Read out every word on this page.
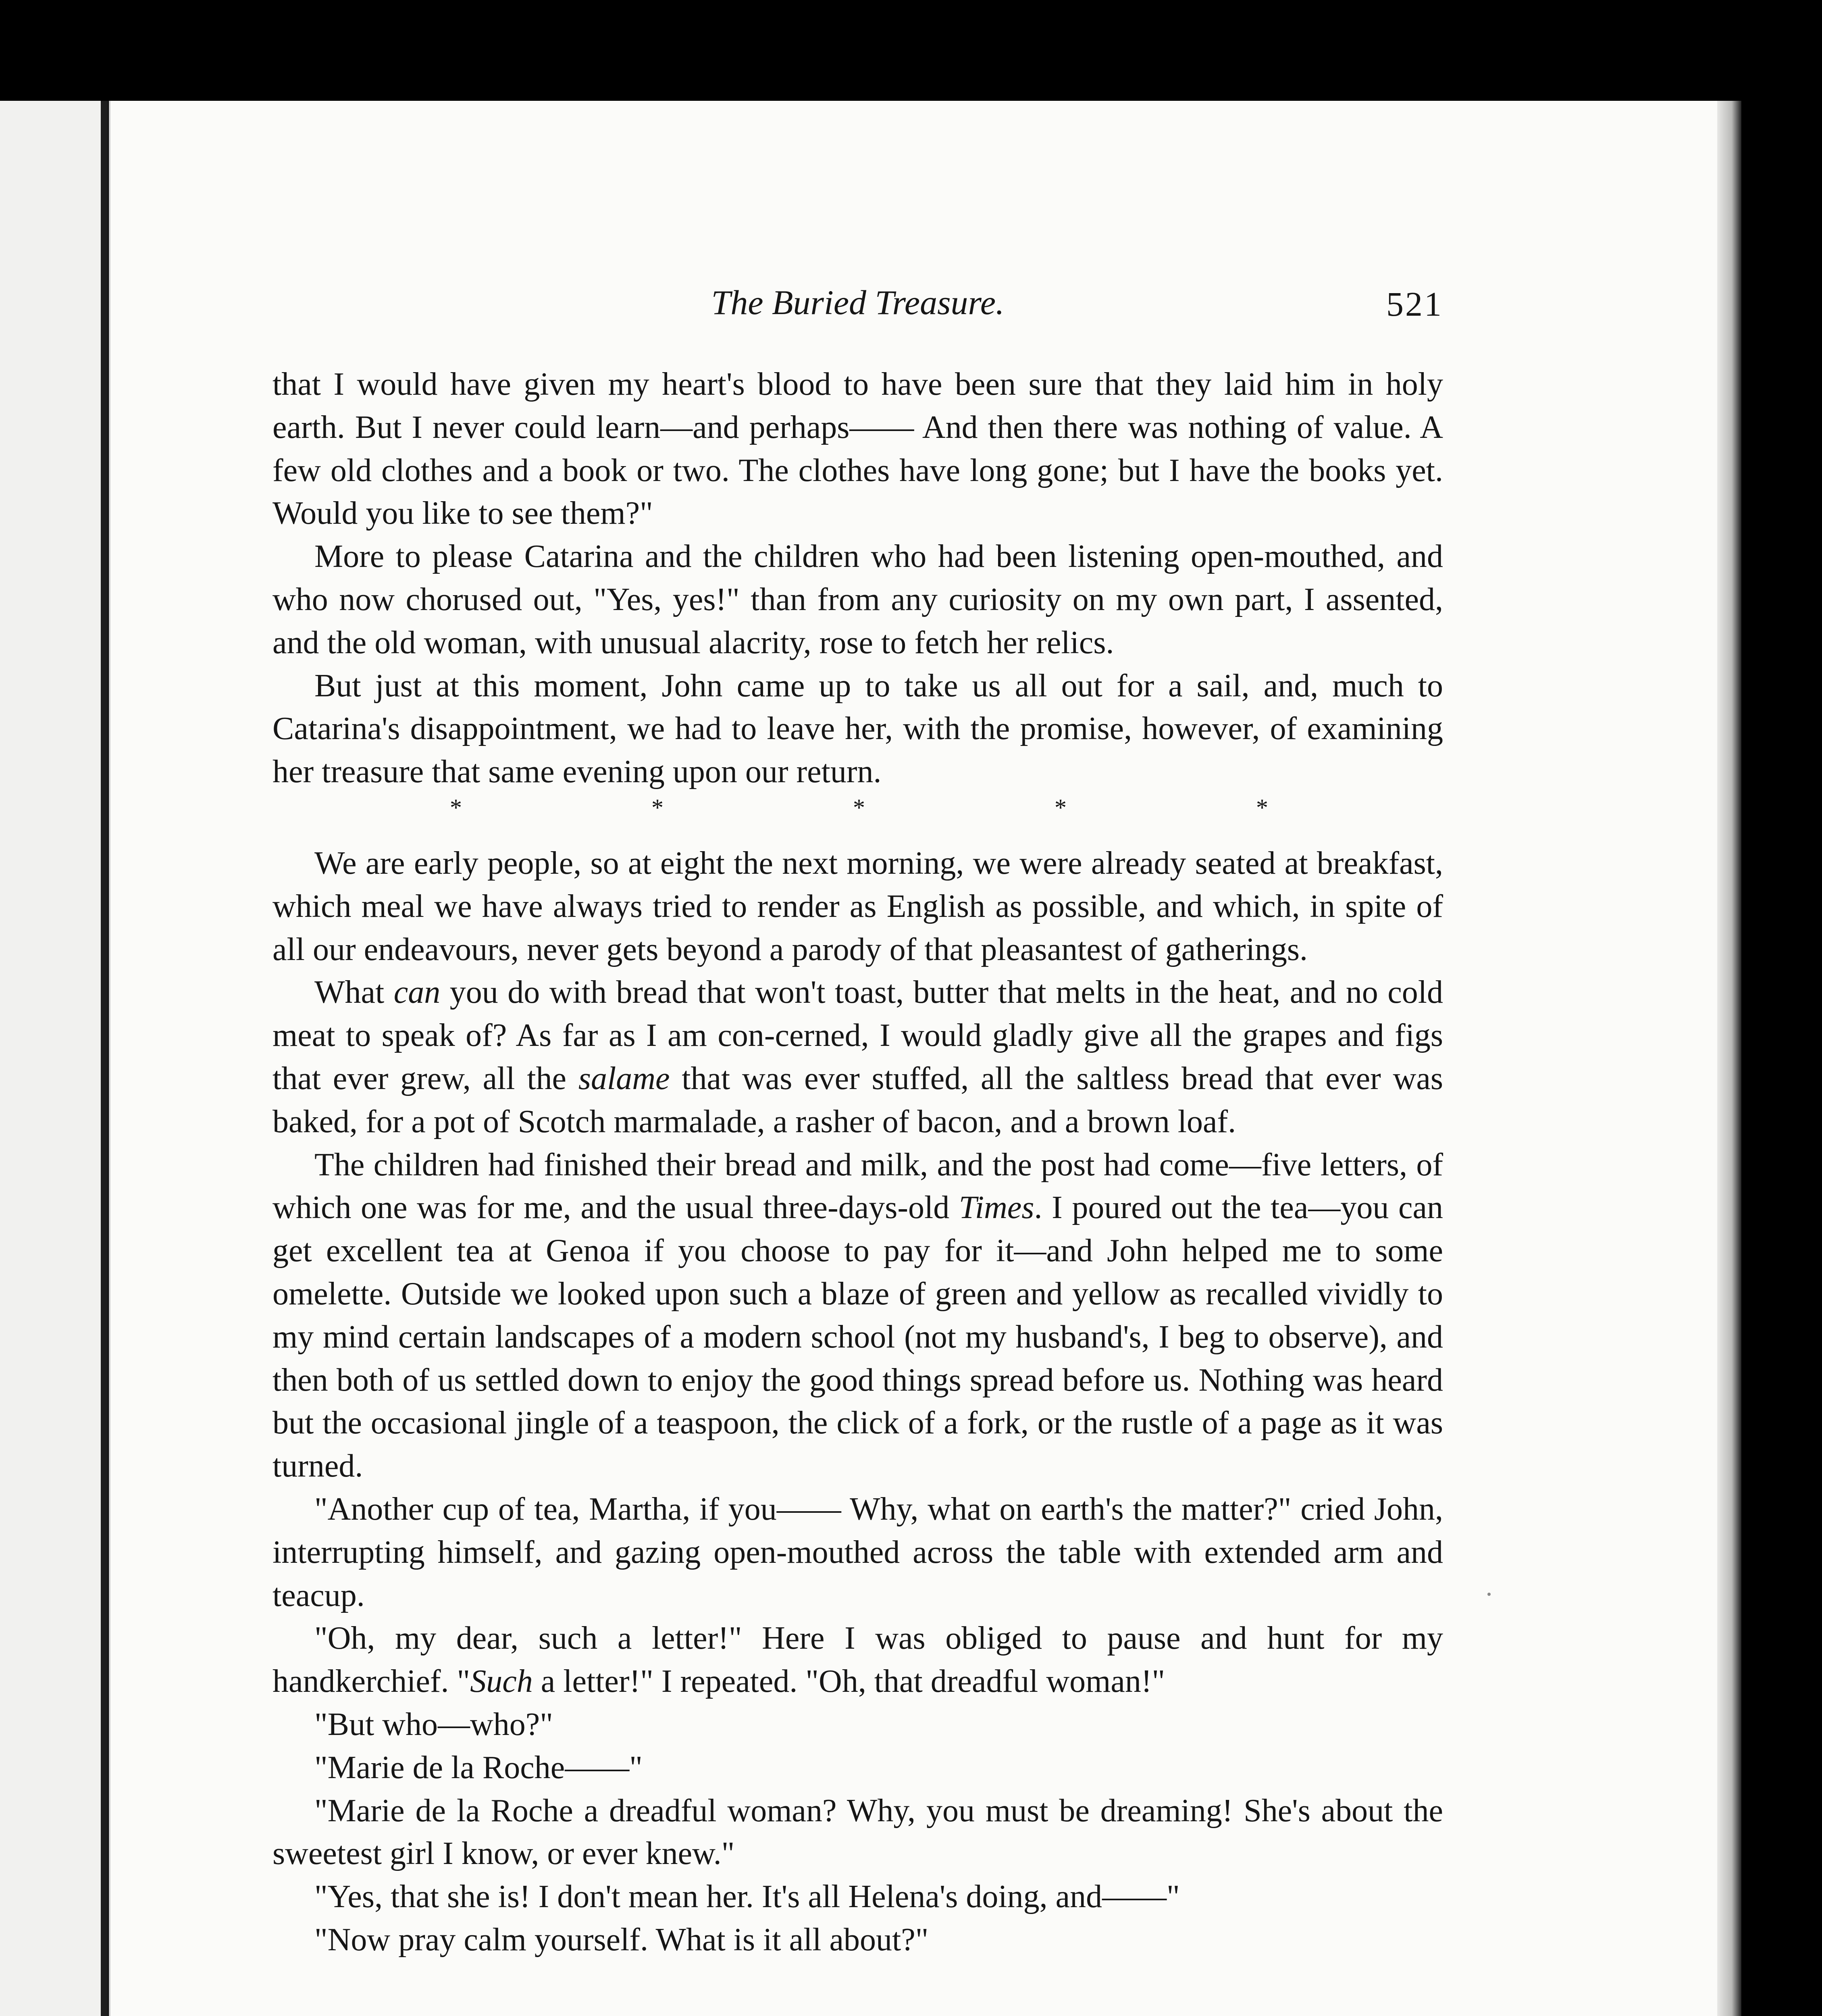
The Buried Treasure.	521

that I would have given my heart's blood to have been sure that they laid him in holy earth. But I never could learn—and perhaps—— And then there was nothing of value. A few old clothes and a book or two. The clothes have long gone; but I have the books yet. Would you like to see them?"

More to please Catarina and the children who had been listening open-mouthed, and who now chorused out, "Yes, yes!" than from any curiosity on my own part, I assented, and the old woman, with unusual alacrity, rose to fetch her relics.

But just at this moment, John came up to take us all out for a sail, and, much to Catarina's disappointment, we had to leave her, with the promise, however, of examining her treasure that same evening upon our return.

*	*	*	*	*

We are early people, so at eight the next morning, we were already seated at breakfast, which meal we have always tried to render as English as possible, and which, in spite of all our endeavours, never gets beyond a parody of that pleasantest of gatherings.

What can you do with bread that won't toast, butter that melts in the heat, and no cold meat to speak of? As far as I am con-cerned, I would gladly give all the grapes and figs that ever grew, all the salame that was ever stuffed, all the saltless bread that ever was baked, for a pot of Scotch marmalade, a rasher of bacon, and a brown loaf.

The children had finished their bread and milk, and the post had come—five letters, of which one was for me, and the usual three-days-old Times. I poured out the tea—you can get excellent tea at Genoa if you choose to pay for it—and John helped me to some omelette. Outside we looked upon such a blaze of green and yellow as recalled vividly to my mind certain landscapes of a modern school (not my husband's, I beg to observe), and then both of us settled down to enjoy the good things spread before us. Nothing was heard but the occasional jingle of a teaspoon, the click of a fork, or the rustle of a page as it was turned.

"Another cup of tea, Martha, if you—— Why, what on earth's the matter?" cried John, interrupting himself, and gazing open-mouthed across the table with extended arm and teacup.

"Oh, my dear, such a letter!" Here I was obliged to pause and hunt for my handkerchief. "Such a letter!" I repeated. "Oh, that dreadful woman!"

"But who—who?"

"Marie de la Roche——"

"Marie de la Roche a dreadful woman? Why, you must be dreaming! She's about the sweetest girl I know, or ever knew."

"Yes, that she is! I don't mean her. It's all Helena's doing, and——"

"Now pray calm yourself. What is it all about?"
